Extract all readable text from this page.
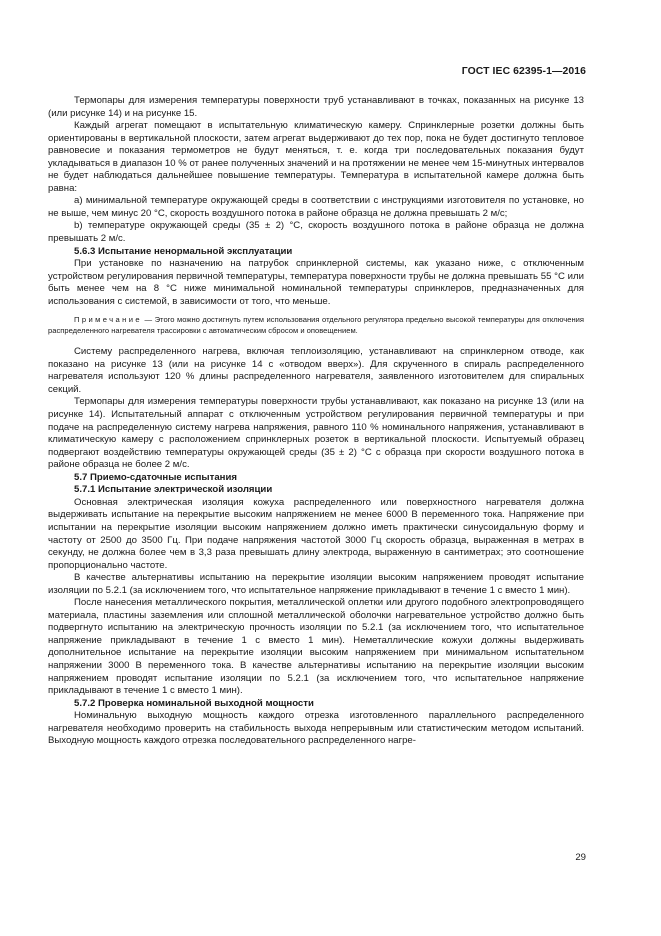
ГОСТ IEC 62395-1—2016

Термопары для измерения температуры поверхности труб устанавливают в точках, показанных на рисунке 13 (или рисунке 14) и на рисунке 15.

Каждый агрегат помещают в испытательную климатическую камеру. Спринклерные розетки должны быть ориентированы в вертикальной плоскости, затем агрегат выдерживают до тех пор, пока не будет достигнуто тепловое равновесие и показания термометров не будут меняться, т. е. когда три последовательных показания будут укладываться в диапазон 10 % от ранее полученных значений и на протяжении не менее чем 15-минутных интервалов не будет наблюдаться дальнейшее повышение температуры. Температура в испытательной камере должна быть равна:

a) минимальной температуре окружающей среды в соответствии с инструкциями изготовителя по установке, но не выше, чем минус 20 °С, скорость воздушного потока в районе образца не должна превышать 2 м/с;

b) температуре окружающей среды (35 ± 2) °С, скорость воздушного потока в районе образца не должна превышать 2 м/с.

5.6.3 Испытание ненормальной эксплуатации

При установке по назначению на патрубок спринклерной системы, как указано ниже, с отключенным устройством регулирования первичной температуры, температура поверхности трубы не должна превышать 55 °С или быть менее чем на 8 °С ниже минимальной номинальной температуры спринклеров, предназначенных для использования с системой, в зависимости от того, что меньше.

Примечание — Этого можно достигнуть путем использования отдельного регулятора предельно высокой температуры для отключения распределенного нагревателя трассировки с автоматическим сбросом и оповещением.

Систему распределенного нагрева, включая теплоизоляцию, устанавливают на спринклерном отводе, как показано на рисунке 13 (или на рисунке 14 с «отводом вверх»). Для скрученного в спираль распределенного нагревателя используют 120 % длины распределенного нагревателя, заявленного изготовителем для спиральных секций.

Термопары для измерения температуры поверхности трубы устанавливают, как показано на рисунке 13 (или на рисунке 14). Испытательный аппарат с отключенным устройством регулирования первичной температуры и при подаче на распределенную систему нагрева напряжения, равного 110 % номинального напряжения, устанавливают в климатическую камеру с расположением спринклерных розеток в вертикальной плоскости. Испытуемый образец подвергают воздействию температуры окружающей среды (35 ± 2) °С с образца при скорости воздушного потока в районе образца не более 2 м/с.

5.7 Приемо-сдаточные испытания
5.7.1 Испытание электрической изоляции

Основная электрическая изоляция кожуха распределенного или поверхностного нагревателя должна выдерживать испытание на перекрытие высоким напряжением не менее 6000 В переменного тока. Напряжение при испытании на перекрытие изоляции высоким напряжением должно иметь практически синусоидальную форму и частоту от 2500 до 3500 Гц. При подаче напряжения частотой 3000 Гц скорость образца, выраженная в метрах в секунду, не должна более чем в 3,3 раза превышать длину электрода, выраженную в сантиметрах; это соотношение пропорционально частоте.

В качестве альтернативы испытанию на перекрытие изоляции высоким напряжением проводят испытание изоляции по 5.2.1 (за исключением того, что испытательное напряжение прикладывают в течение 1 с вместо 1 мин).

После нанесения металлического покрытия, металлической оплетки или другого подобного электропроводящего материала, пластины заземления или сплошной металлической оболочки нагревательное устройство должно быть подвергнуто испытанию на электрическую прочность изоляции по 5.2.1 (за исключением того, что испытательное напряжение прикладывают в течение 1 с вместо 1 мин). Неметаллические кожухи должны выдерживать дополнительное испытание на перекрытие изоляции высоким напряжением при минимальном испытательном напряжении 3000 В переменного тока. В качестве альтернативы испытанию на перекрытие изоляции высоким напряжением проводят испытание изоляции по 5.2.1 (за исключением того, что испытательное напряжение прикладывают в течение 1 с вместо 1 мин).

5.7.2 Проверка номинальной выходной мощности

Номинальную выходную мощность каждого отрезка изготовленного параллельного распределенного нагревателя необходимо проверить на стабильность выхода непрерывным или статистическим методом испытаний. Выходную мощность каждого отрезка последовательного распределенного нагре-

29
